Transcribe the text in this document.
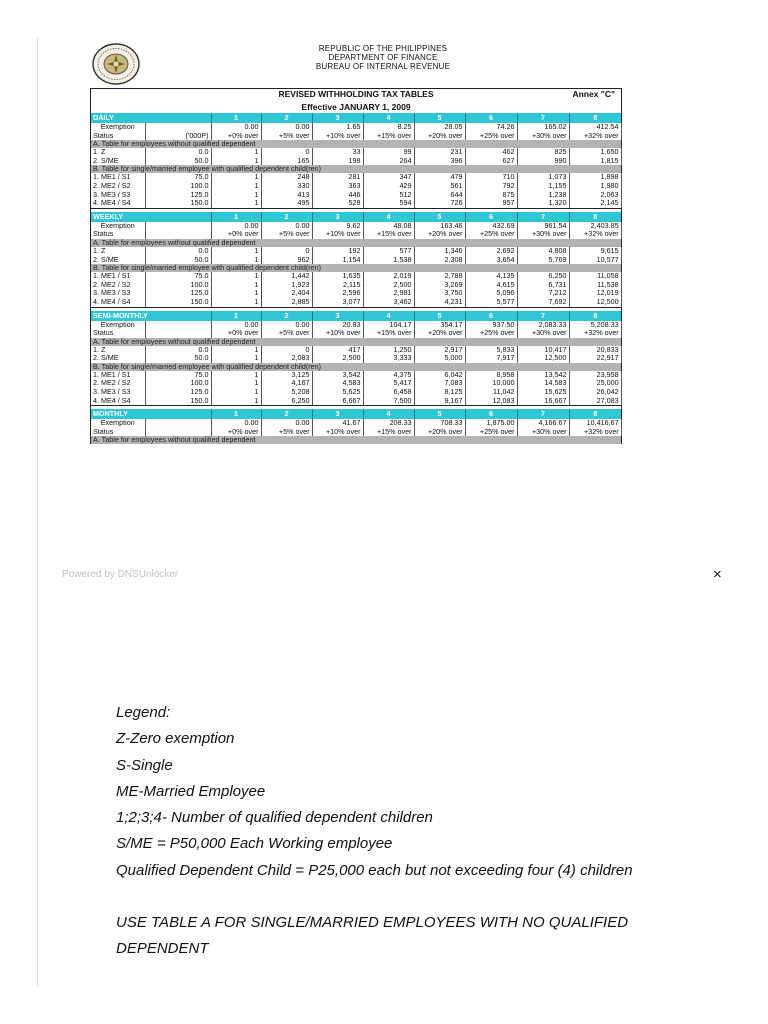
REPUBLIC OF THE PHILIPPINES
DEPARTMENT OF FINANCE
BUREAU OF INTERNAL REVENUE
REVISED WITHHOLDING TAX TABLES	Annex "C"
Effective JANUARY 1, 2009
DAILY		1	2	3	4	5	6	7	8
Exemption		0.00	0.00	1.65	8.25	28.05	74.26	165.02	412.54
Status	('000P)	+0% over	+5% over	+10% over	+15% over	+20% over	+25% over	+30% over	+32% over
A. Table for employees without qualified dependent									
1. Z	0.0	1	0	33	99	231	462	825	1,650
2. S/ME	50.0	1	165	198	264	396	627	990	1,815
B. Table for single/married employee with qualified dependent child(ren)									
1. ME1 / S1	75.0	1	248	281	347	479	710	1,073	1,898
2. ME2 / S2	100.0	1	330	363	429	561	792	1,155	1,980
3. ME3 / S3	125.0	1	413	446	512	644	875	1,238	2,063
4. ME4 / S4	150.0	1	495	528	594	726	957	1,320	2,145

WEEKLY		1	2	3	4	5	6	7	8
Exemption		0.00	0.00	9.62	48.08	163.46	432.69	961.54	2,403.85
Status		+0% over	+5% over	+10% over	+15% over	+20% over	+25% over	+30% over	+32% over
A. Table for employees without qualified dependent									
1. Z	0.0	1	0	192	577	1,346	2,692	4,808	9,615
2. S/ME	50.0	1	962	1,154	1,538	2,308	3,654	5,769	10,577
B. Table for single/married employee with qualified dependent child(ren)									
1. ME1 / S1	75.0	1	1,442	1,635	2,019	2,788	4,135	6,250	11,058
2. ME2 / S2	100.0	1	1,923	2,115	2,500	3,269	4,615	6,731	11,538
3. ME3 / S3	125.0	1	2,404	2,596	2,981	3,750	5,096	7,212	12,019
4. ME4 / S4	150.0	1	2,885	3,077	3,462	4,231	5,577	7,692	12,500

SEMI-MONTHLY		1	2	3	4	5	6	7	8
Exemption		0.00	0.00	20.83	104.17	354.17	937.50	2,083.33	5,208.33
Status		+0% over	+5% over	+10% over	+15% over	+20% over	+25% over	+30% over	+32% over
A. Table for employees without qualified dependent									
1. Z	0.0	1	0	417	1,250	2,917	5,833	10,417	20,833
2. S/ME	50.0	1	2,083	2,500	3,333	5,000	7,917	12,500	22,917
B. Table for single/married employee with qualified dependent child(ren)									
1. ME1 / S1	75.0	1	3,125	3,542	4,375	6,042	8,958	13,542	23,958
2. ME2 / S2	100.0	1	4,167	4,583	5,417	7,083	10,000	14,583	25,000
3. ME3 / S3	125.0	1	5,208	5,625	6,458	8,125	11,042	15,625	26,042
4. ME4 / S4	150.0	1	6,250	6,667	7,500	9,167	12,083	16,667	27,083

MONTHLY		1	2	3	4	5	6	7	8
Exemption		0.00	0.00	41.67	208.33	708.33	1,875.00	4,166.67	10,416.67
Status		+0% over	+5% over	+10% over	+15% over	+20% over	+25% over	+30% over	+32% over
A. Table for employees without qualified dependent									
Powered by DNSUnlocker	×
Legend:
Z-Zero exemption
S-Single
ME-Married Employee
1;2;3;4- Number of qualified dependent children
S/ME = P50,000 Each Working employee
Qualified Dependent Child = P25,000 each but not exceeding four (4) children
USE TABLE A FOR SINGLE/MARRIED EMPLOYEES WITH NO QUALIFIED
DEPENDENT
